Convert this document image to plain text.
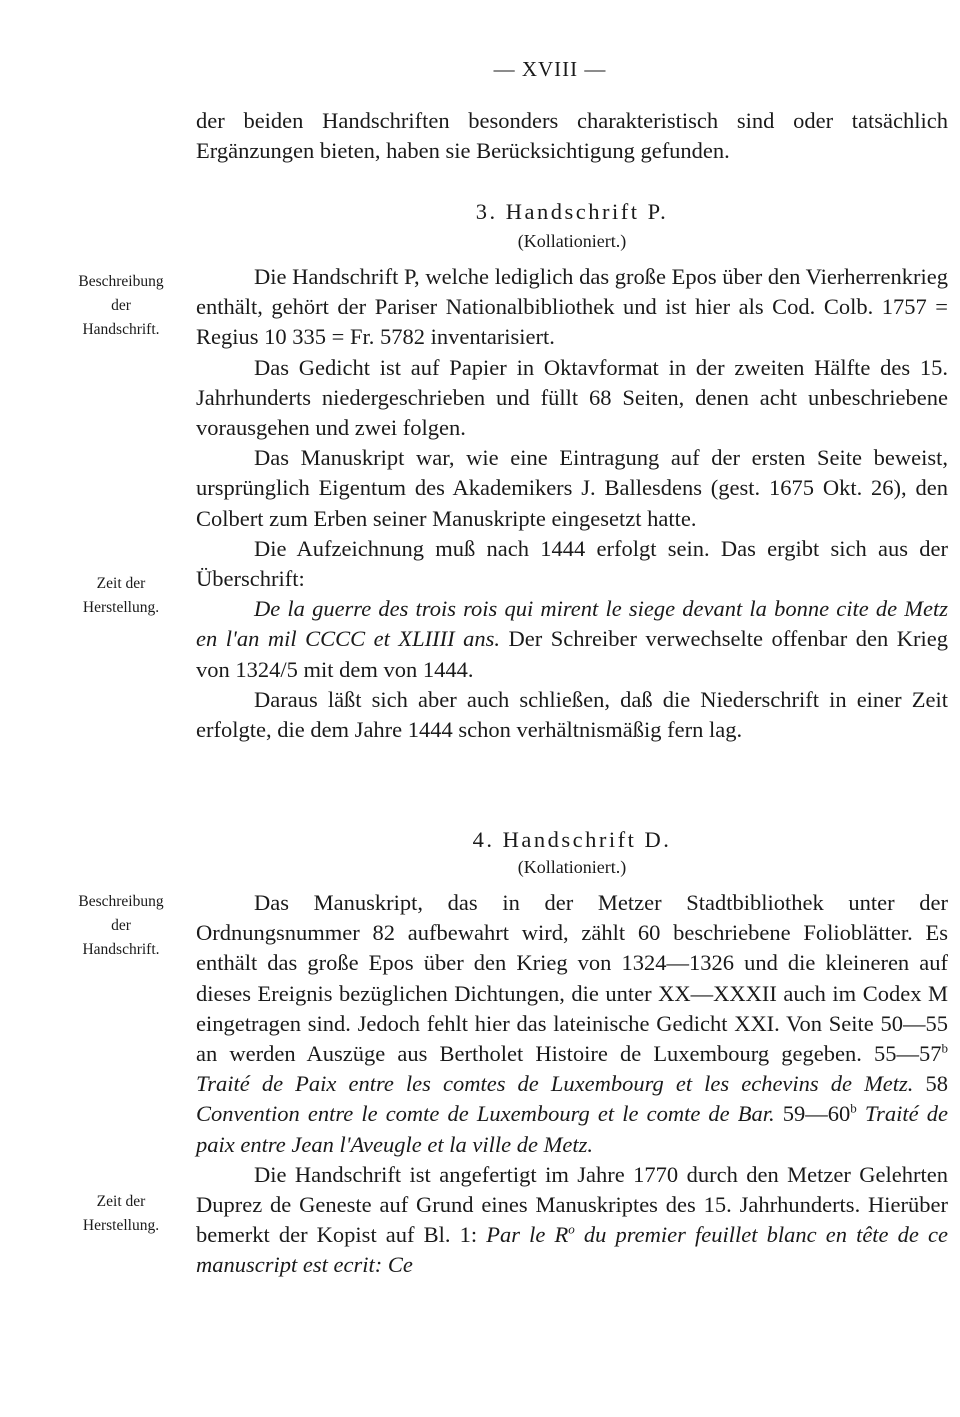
— XVIII —

der beiden Handschriften besonders charakteristisch sind oder tatsächlich Ergänzungen bieten, haben sie Berücksichtigung gefunden.

3. Handschrift P.
(Kollationiert.)
Beschreibung
der
Handschrift.
Zeit der
Herstellung.

Die Handschrift P, welche lediglich das große Epos über den Vierherrenkrieg enthält, gehört der Pariser Nationalbibliothek und ist hier als Cod. Colb. 1757 = Regius 10 335 = Fr. 5782 inventarisiert.

Das Gedicht ist auf Papier in Oktavformat in der zweiten Hälfte des 15. Jahrhunderts niedergeschrieben und füllt 68 Seiten, denen acht unbeschriebene vorausgehen und zwei folgen.

Das Manuskript war, wie eine Eintragung auf der ersten Seite beweist, ursprünglich Eigentum des Akademikers J. Ballesdens (gest. 1675 Okt. 26), den Colbert zum Erben seiner Manuskripte eingesetzt hatte.

Die Aufzeichnung muß nach 1444 erfolgt sein. Das ergibt sich aus der Überschrift:

De la guerre des trois rois qui mirent le siege devant la bonne cite de Metz en l'an mil CCCC et XLIIII ans. Der Schreiber verwechselte offenbar den Krieg von 1324/5 mit dem von 1444.

Daraus läßt sich aber auch schließen, daß die Niederschrift in einer Zeit erfolgte, die dem Jahre 1444 schon verhältnismäßig fern lag.

4. Handschrift D.
(Kollationiert.)
Beschreibung
der
Handschrift.
Zeit der
Herstellung.

Das Manuskript, das in der Metzer Stadtbibliothek unter der Ordnungsnummer 82 aufbewahrt wird, zählt 60 beschriebene Folioblätter. Es enthält das große Epos über den Krieg von 1324—1326 und die kleineren auf dieses Ereignis bezüglichen Dichtungen, die unter XX—XXXII auch im Codex M eingetragen sind. Jedoch fehlt hier das lateinische Gedicht XXI. Von Seite 50—55 an werden Auszüge aus Bertholet Histoire de Luxembourg gegeben. 55—57$^b$ Traité de Paix entre les comtes de Luxembourg et les echevins de Metz. 58 Convention entre le comte de Luxembourg et le comte de Bar. 59—60$^b$ Traité de paix entre Jean l'Aveugle et la ville de Metz.

Die Handschrift ist angefertigt im Jahre 1770 durch den Metzer Gelehrten Duprez de Geneste auf Grund eines Manuskriptes des 15. Jahrhunderts. Hierüber bemerkt der Kopist auf Bl. 1: Par le $R^o$ du premier feuillet blanc en tête de ce manuscript est ecrit: Ce
